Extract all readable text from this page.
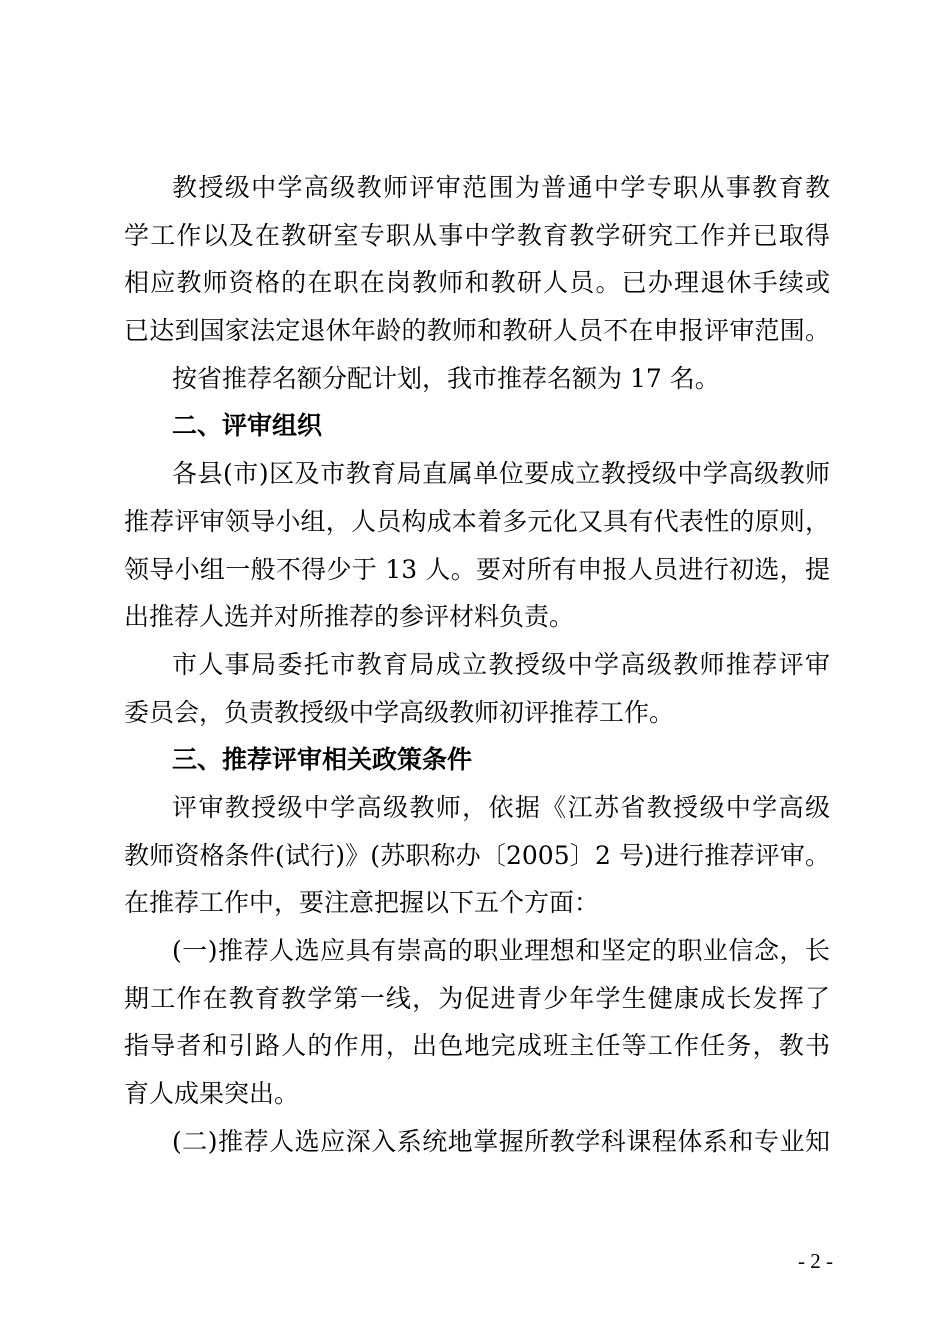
教授级中学高级教师评审范围为普通中学专职从事教育教
学工作以及在教研室专职从事中学教育教学研究工作并已取得
相应教师资格的在职在岗教师和教研人员。已办理退休手续或
已达到国家法定退休年龄的教师和教研人员不在申报评审范围。
按省推荐名额分配计划，我市推荐名额为 17 名。
二、评审组织
各县(市)区及市教育局直属单位要成立教授级中学高级教师
推荐评审领导小组，人员构成本着多元化又具有代表性的原则，
领导小组一般不得少于 13 人。要对所有申报人员进行初选，提
出推荐人选并对所推荐的参评材料负责。
市人事局委托市教育局成立教授级中学高级教师推荐评审
委员会，负责教授级中学高级教师初评推荐工作。
三、推荐评审相关政策条件
评审教授级中学高级教师，依据《江苏省教授级中学高级
教师资格条件(试行)》(苏职称办〔2005〕2 号)进行推荐评审。
在推荐工作中，要注意把握以下五个方面：
(一)推荐人选应具有崇高的职业理想和坚定的职业信念，长
期工作在教育教学第一线，为促进青少年学生健康成长发挥了
指导者和引路人的作用，出色地完成班主任等工作任务，教书
育人成果突出。
(二)推荐人选应深入系统地掌握所教学科课程体系和专业知
- 2 -
